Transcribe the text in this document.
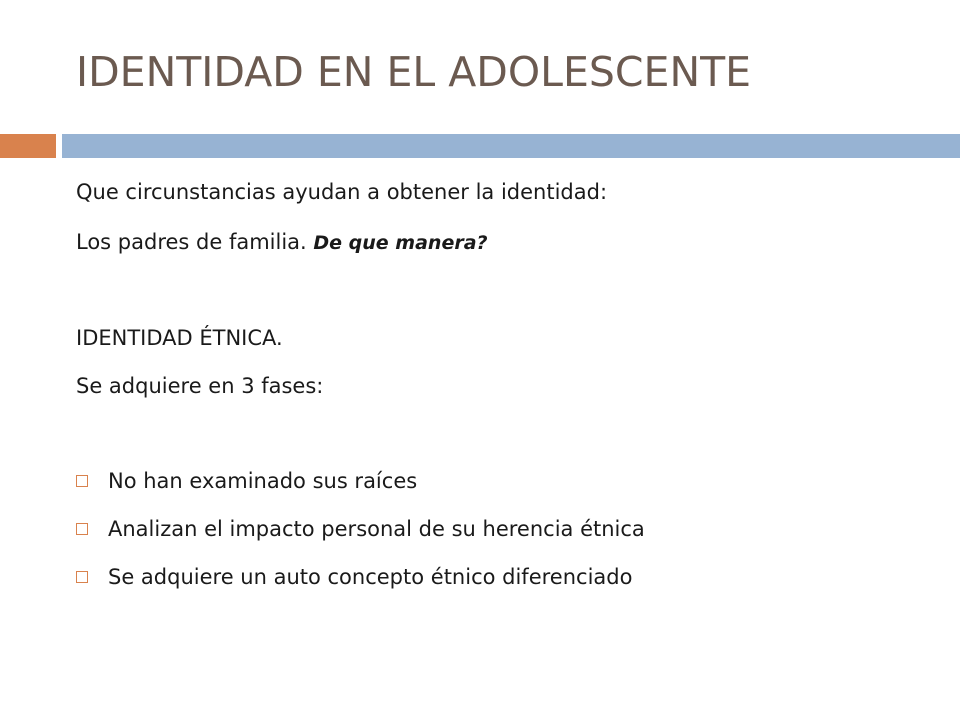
IDENTIDAD EN EL ADOLESCENTE
Que circunstancias ayudan a obtener la identidad:
Los padres de familia. De que manera?
IDENTIDAD ÉTNICA.
Se adquiere en 3 fases:
No han examinado sus raíces
Analizan el impacto personal de su herencia étnica
Se adquiere un auto concepto étnico diferenciado
